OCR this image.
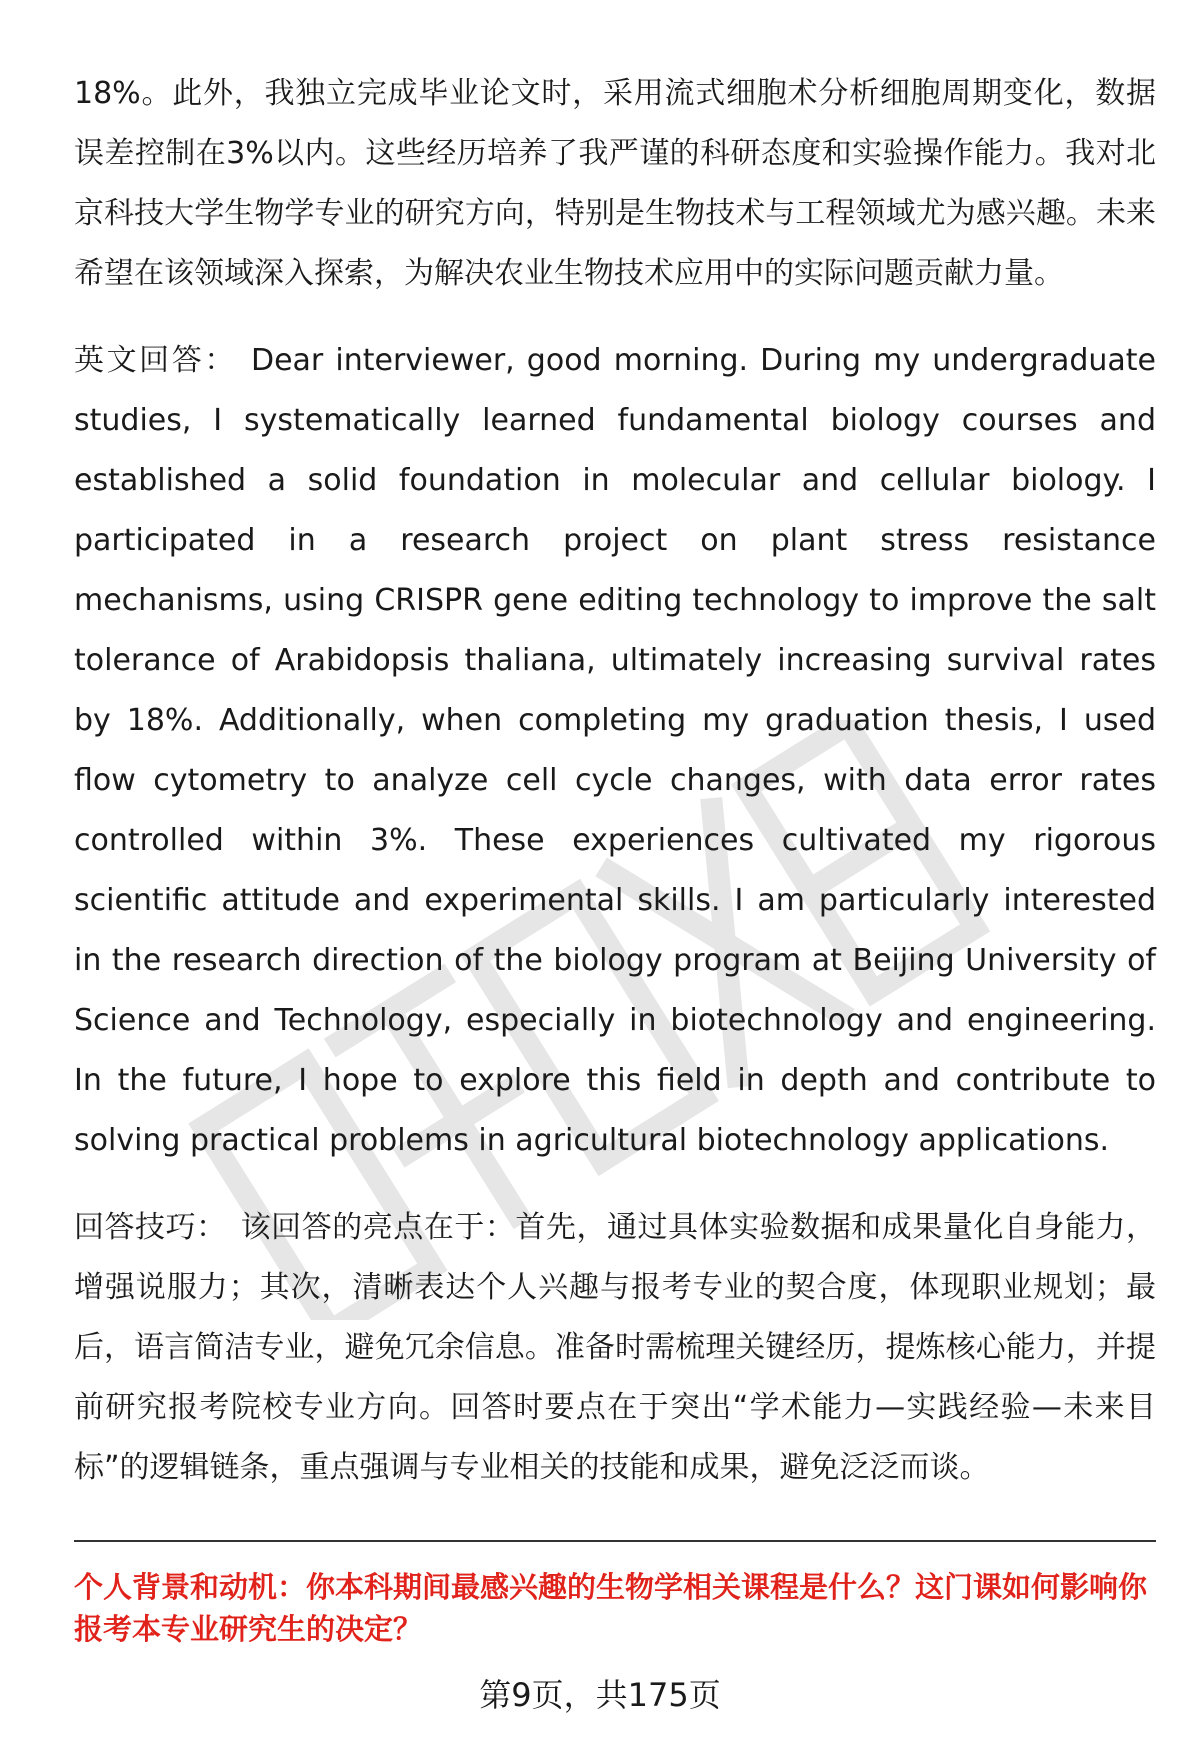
18%。此外，我独立完成毕业论文时，采用流式细胞术分析细胞周期变化，数据误差控制在3%以内。这些经历培养了我严谨的科研态度和实验操作能力。我对北京科技大学生物学专业的研究方向，特别是生物技术与工程领域尤为感兴趣。未来希望在该领域深入探索，为解决农业生物技术应用中的实际问题贡献力量。

英文回答： Dear interviewer, good morning. During my undergraduate studies, I systematically learned fundamental biology courses and established a solid foundation in molecular and cellular biology. I participated in a research project on plant stress resistance mechanisms, using CRISPR gene editing technology to improve the salt tolerance of Arabidopsis thaliana, ultimately increasing survival rates by 18%. Additionally, when completing my graduation thesis, I used flow cytometry to analyze cell cycle changes, with data error rates controlled within 3%. These experiences cultivated my rigorous scientific attitude and experimental skills. I am particularly interested in the research direction of the biology program at Beijing University of Science and Technology, especially in biotechnology and engineering. In the future, I hope to explore this field in depth and contribute to solving practical problems in agricultural biotechnology applications.

回答技巧： 该回答的亮点在于：首先，通过具体实验数据和成果量化自身能力，增强说服力；其次，清晰表达个人兴趣与报考专业的契合度，体现职业规划；最后，语言简洁专业，避免冗余信息。准备时需梳理关键经历，提炼核心能力，并提前研究报考院校专业方向。回答时要点在于突出“学术能力—实践经验—未来目标”的逻辑链条，重点强调与专业相关的技能和成果，避免泛泛而谈。

个人背景和动机：你本科期间最感兴趣的生物学相关课程是什么？这门课如何影响你报考本专业研究生的决定？

第9页，共175页
